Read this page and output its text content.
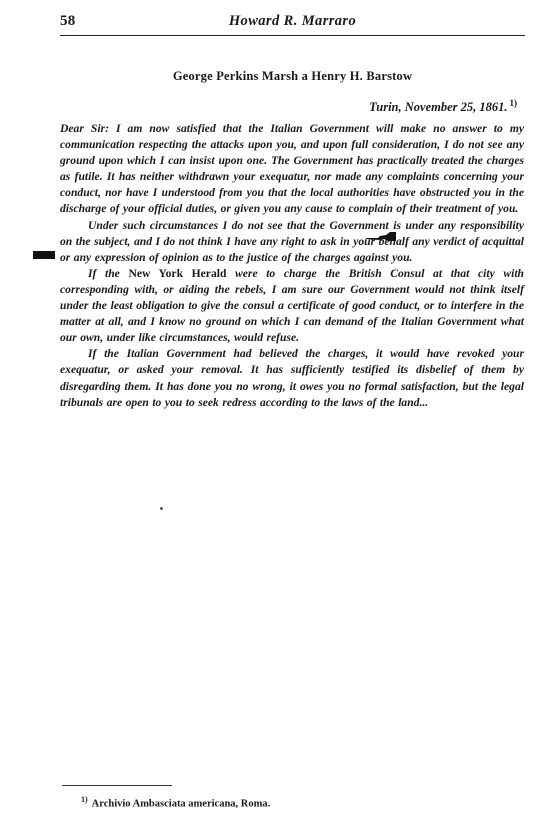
58	Howard R. Marraro
George Perkins Marsh a Henry H. Barstow
Turin, November 25, 1861. $^{1)}$

Dear Sir: I am now satisfied that the Italian Government will make no answer to my communication respecting the attacks upon you, and upon full consideration, I do not see any ground upon which I can insist upon one. The Government has practically treated the charges as futile. It has neither withdrawn your exequatur, nor made any complaints concerning your conduct, nor have I understood from you that the local authorities have obstructed you in the discharge of your official duties, or given you any cause to complain of their treatment of you.

Under such circumstances I do not see that the Government is under any responsibility on the subject, and I do not think I have any right to ask in your behalf any verdict of acquittal or any expression of opinion as to the justice of the charges against you.

If the New York Herald were to charge the British Consul at that city with corresponding with, or aiding the rebels, I am sure our Government would not think itself under the least obligation to give the consul a certificate of good conduct, or to interfere in the matter at all, and I know no ground on which I can demand of the Italian Government what our own, under like circumstances, would refuse.

If the Italian Government had believed the charges, it would have revoked your exequatur, or asked your removal. It has sufficiently testified its disbelief of them by disregarding them. It has done you no wrong, it owes you no formal satisfaction, but the legal tribunals are open to you to seek redress according to the laws of the land...

$^{1)}$ Archivio Ambasciata americana, Roma.
